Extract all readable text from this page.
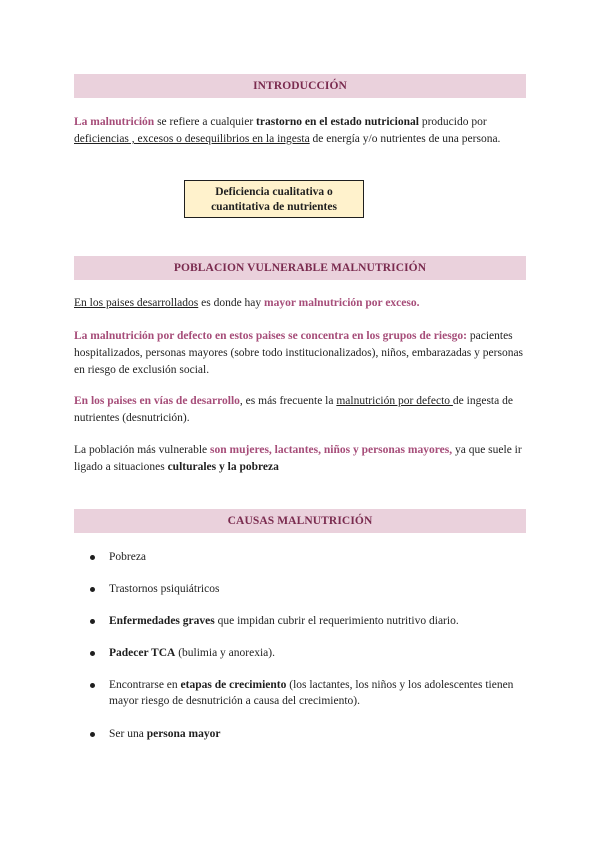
INTRODUCCIÓN

La malnutrición se refiere a cualquier trastorno en el estado nutricional producido por deficiencias , excesos o desequilibrios en la ingesta de energía y/o nutrientes de una persona.

Deficiencia cualitativa o
cuantitativa de nutrientes
POBLACION VULNERABLE MALNUTRICIÓN

En los paises desarrollados es donde hay mayor malnutrición por exceso.

La malnutrición por defecto en estos paises se concentra en los grupos de riesgo: pacientes hospitalizados, personas mayores (sobre todo institucionalizados), niños, embarazadas y personas en riesgo de exclusión social.

En los paises en vías de desarrollo, es más frecuente la malnutrición por defecto de ingesta de nutrientes (desnutrición).

La población más vulnerable son mujeres, lactantes, niños y personas mayores, ya que suele ir ligado a situaciones culturales y la pobreza

CAUSAS MALNUTRICIÓN
Pobreza
Trastornos psiquiátricos
Enfermedades graves que impidan cubrir el requerimiento nutritivo diario.
Padecer TCA (bulimia y anorexia).
Encontrarse en etapas de crecimiento (los lactantes, los niños y los adolescentes tienen mayor riesgo de desnutrición a causa del crecimiento).
Ser una persona mayor
